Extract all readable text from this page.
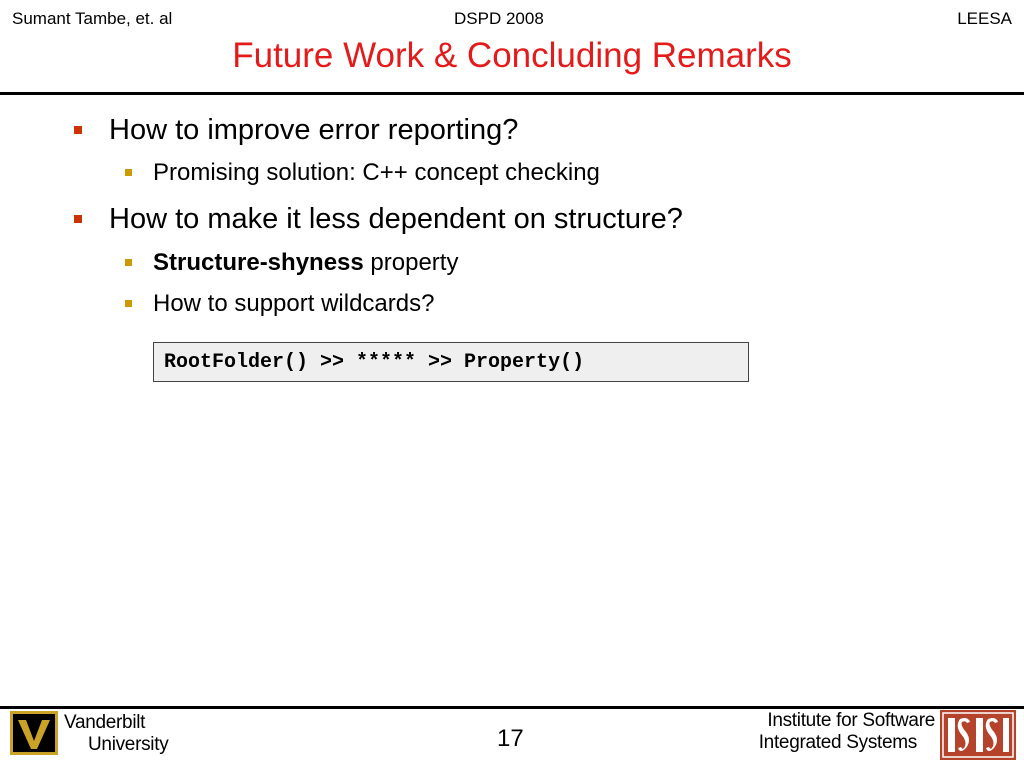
Sumant Tambe, et. al	DSPD 2008	LEESA
Future Work & Concluding Remarks
How to improve error reporting?
Promising solution: C++ concept checking
How to make it less dependent on structure?
Structure-shyness property
How to support wildcards?
RootFolder() >> ***** >> Property()
Vanderbilt
University	17
Institute for Software
Integrated Systems
